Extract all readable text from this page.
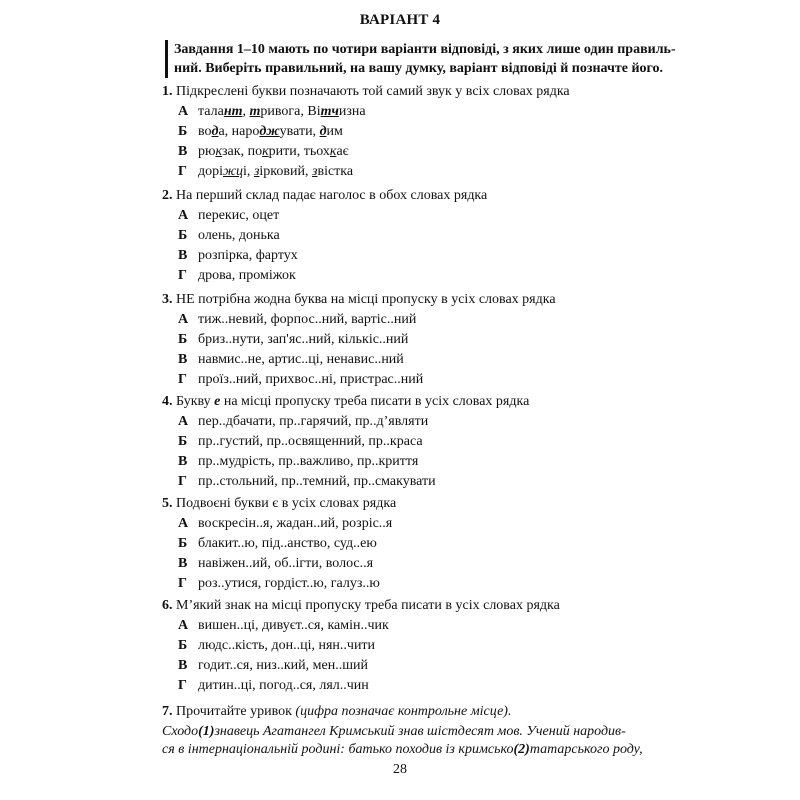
ВАРІАНТ 4
Завдання 1–10 мають по чотири варіанти відповіді, з яких лише один правиль-
ний. Виберіть правильний, на вашу думку, варіант відповіді й позначте його.
1. Підкреслені букви позначають той самий звук у всіх словах рядка
А талант, тривога, Вітчизна
Б вода, народжувати, дим
В рюкзак, покрити, тьохкає
Г доріжці, зірковий, звістка
2. На перший склад падає наголос в обох словах рядка
А перекис, оцет
Б олень, донька
В розпірка, фартух
Г дрова, проміжок
3. НЕ потрібна жодна буква на місці пропуску в усіх словах рядка
А тиж..невий, форпос..ний, вартіс..ний
Б бриз..нути, зап'яс..ний, кількіс..ний
В навмис..не, артис..ці, ненавис..ний
Г проїз..ний, прихвос..ні, пристрас..ний
4. Букву е на місці пропуску треба писати в усіх словах рядка
А пер..дбачати, пр..гарячий, пр..д’являти
Б пр..густий, пр..освященний, пр..краса
В пр..мудрість, пр..важливо, пр..криття
Г пр..стольний, пр..темний, пр..смакувати
5. Подвоєні букви є в усіх словах рядка
А воскресін..я, жадан..ий, розріс..я
Б блакит..ю, під..анство, суд..ею
В навіжен..ий, об..ігти, волос..я
Г роз..утися, гордіст..ю, галуз..ю
6. М’який знак на місці пропуску треба писати в усіх словах рядка
А вишен..ці, дивуєт..ся, камін..чик
Б людс..кість, дон..ці, нян..чити
В годит..ся, низ..кий, мен..ший
Г дитин..ці, погод..ся, лял..чин
7. Прочитайте уривок (цифра позначає контрольне місце).
Сходо(1)знавець Агатангел Кримський знав шістдесят мов. Учений народив-
ся в інтернаціональній родині: батько походив із кримсько(2)татарського роду,
28
